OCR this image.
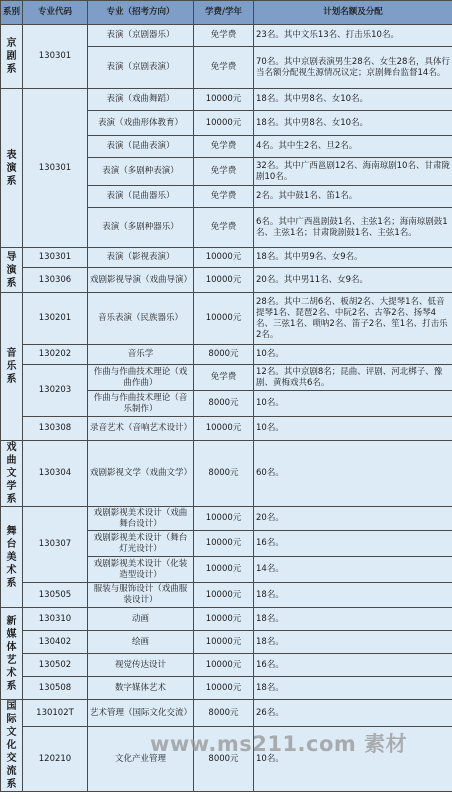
系别	专业代码	专业（招考方向）	学费/学年	计划名额及分配
京剧系	130301	表演（京剧器乐）	免学费	23名。其中文乐13名、打击乐10名。
		表演（京剧表演）	免学费	70名。其中京剧表演男生28名、女生28名，具体行当名额分配视生源情况议定；京剧舞台监督14名。
表演系	130301	表演（戏曲舞蹈）	10000元	18名。其中男8名、女10名。
		表演（戏曲形体教育）	10000元	18名。其中男8名、女10名。
		表演（昆曲表演）	免学费	4名。其中生2名、旦2名。
		表演（多剧种表演）	免学费	32名。其中广西邕剧12名、海南琼剧10名、甘肃陇剧10名。
		表演（昆曲器乐）	免学费	2名。其中鼓1名、笛1名。
		表演（多剧种器乐）	免学费	6名。其中广西邕剧鼓1名、主弦1名；海南琼剧鼓1名、主弦1名；甘肃陇剧鼓1名、主弦1名。
导演系	130301	表演（影视表演）	10000元	18名。其中男9名、女9名。
	130306	戏剧影视导演（戏曲导演）	10000元	20名。其中男11名、女9名。
音乐系	130201	音乐表演（民族器乐）	10000元	28名。其中二胡6名、板胡2名、大提琴1名、低音提琴1名、琵琶2名、中阮2名、古筝2名、扬琴4名、三弦1名、唢呐2名、笛子2名、笙1名、打击乐2名。
	130202	音乐学	8000元	10名。
	130203	作曲与作曲技术理论（戏曲作曲）	免学费	12名。其中京剧8名；昆曲、评剧、河北梆子、豫剧、黄梅戏共6名。
		作曲与作曲技术理论（音乐制作）	8000元	10名。
	130308	录音艺术（音响艺术设计）	10000元	10名。
戏曲文学系	130304	戏剧影视文学（戏曲文学）	8000元	60名。
舞台美术系	130307	戏剧影视美术设计（戏曲舞台设计）	10000元	20名。
		戏剧影视美术设计（舞台灯光设计）	10000元	16名。
		戏剧影视美术设计（化装造型设计）	10000元	14名。
	130505	服装与服饰设计（戏曲服装设计）	10000元	18名。
新媒体艺术系	130310	动画	10000元	18名。
	130402	绘画	10000元	18名。
	130502	视觉传达设计	10000元	16名。
	130508	数字媒体艺术	10000元	18名。
国际文化交流系	130102T	艺术管理（国际文化交流）	8000元	26名。
	120210	文化产业管理	8000元	10名。
www.ms211.com 素材
